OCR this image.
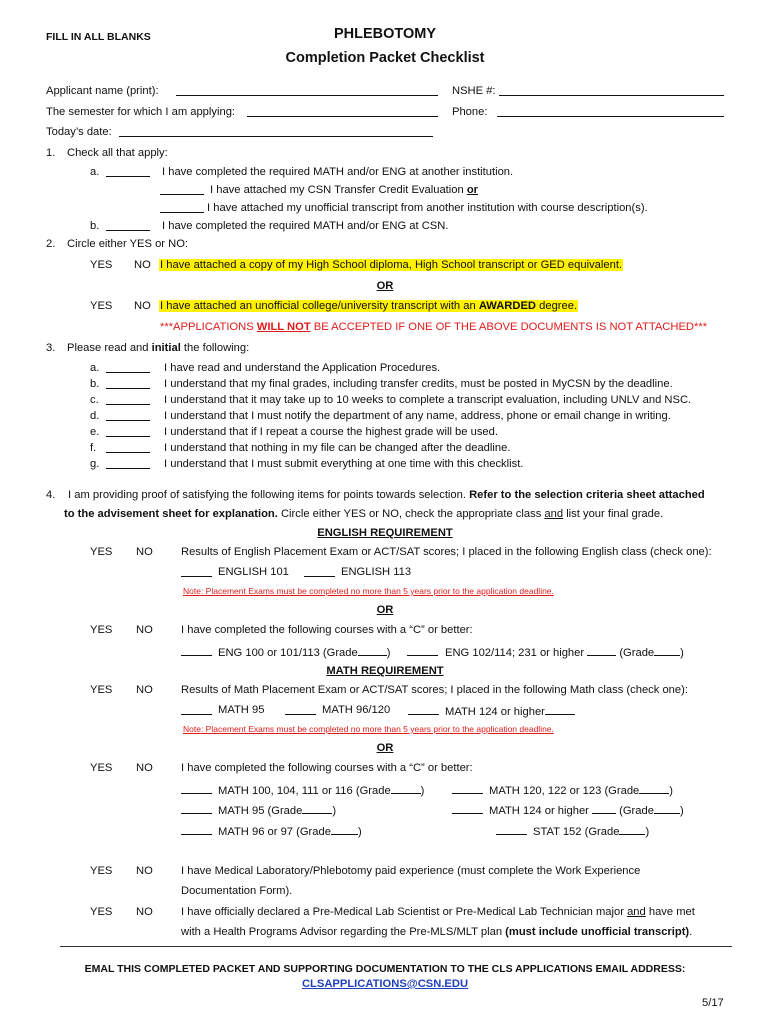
FILL IN ALL BLANKS	PHLEBOTOMY
Completion Packet Checklist
Applicant name (print):	NSHE #:
The semester for which I am applying:	Phone:
Today’s date:
1. Check all that apply:
a.	I have completed the required MATH and/or ENG at another institution.
I have attached my CSN Transfer Credit Evaluation or
I have attached my unofficial transcript from another institution with course description(s).
b.	I have completed the required MATH and/or ENG at CSN.
2. Circle either YES or NO:
YES NO I have attached a copy of my High School diploma, High School transcript or GED equivalent.
OR
YES NO I have attached an unofficial college/university transcript with an AWARDED degree.
***APPLICATIONS WILL NOT BE ACCEPTED IF ONE OF THE ABOVE DOCUMENTS IS NOT ATTACHED***
3. Please read and initial the following:
a.	I have read and understand the Application Procedures.
b.	I understand that my final grades, including transfer credits, must be posted in MyCSN by the deadline.
c.	I understand that it may take up to 10 weeks to complete a transcript evaluation, including UNLV and NSC.
d.	I understand that I must notify the department of any name, address, phone or email change in writing.
e.	I understand that if I repeat a course the highest grade will be used.
f.	I understand that nothing in my file can be changed after the deadline.
g.	I understand that I must submit everything at one time with this checklist.
4. I am providing proof of satisfying the following items for points towards selection. Refer to the selection criteria sheet attached
to the advisement sheet for explanation. Circle either YES or NO, check the appropriate class and list your final grade.
ENGLISH REQUIREMENT
YES NO	Results of English Placement Exam or ACT/SAT scores; I placed in the following English class (check one):
ENGLISH 101	ENGLISH 113
Note: Placement Exams must be completed no more than 5 years prior to the application deadline.
OR
YES NO	I have completed the following courses with a “C” or better:
ENG 100 or 101/113 (Grade	)	ENG 102/114; 231 or higher	(Grade )
MATH REQUIREMENT
YES NO	Results of Math Placement Exam or ACT/SAT scores; I placed in the following Math class (check one):
MATH 95	MATH 96/120	MATH 124 or higher
Note: Placement Exams must be completed no more than 5 years prior to the application deadline.
OR
YES NO	I have completed the following courses with a “C” or better:
MATH 100, 104, 111 or 116 (Grade	)	MATH 120, 122 or 123 (Grade	)
MATH 95 (Grade	)	MATH 124 or higher	(Grade )
MATH 96 or 97 (Grade )	STAT 152 (Grade )
YES NO	I have Medical Laboratory/Phlebotomy paid experience (must complete the Work Experience
Documentation Form).
YES NO	I have officially declared a Pre-Medical Lab Scientist or Pre-Medical Lab Technician major and have met
with a Health Programs Advisor regarding the Pre-MLS/MLT plan (must include unofficial transcript).
EMAL THIS COMPLETED PACKET AND SUPPORTING DOCUMENTATION TO THE CLS APPLICATIONS EMAIL ADDRESS:
CLSAPPLICATIONS@CSN.EDU
5/17
